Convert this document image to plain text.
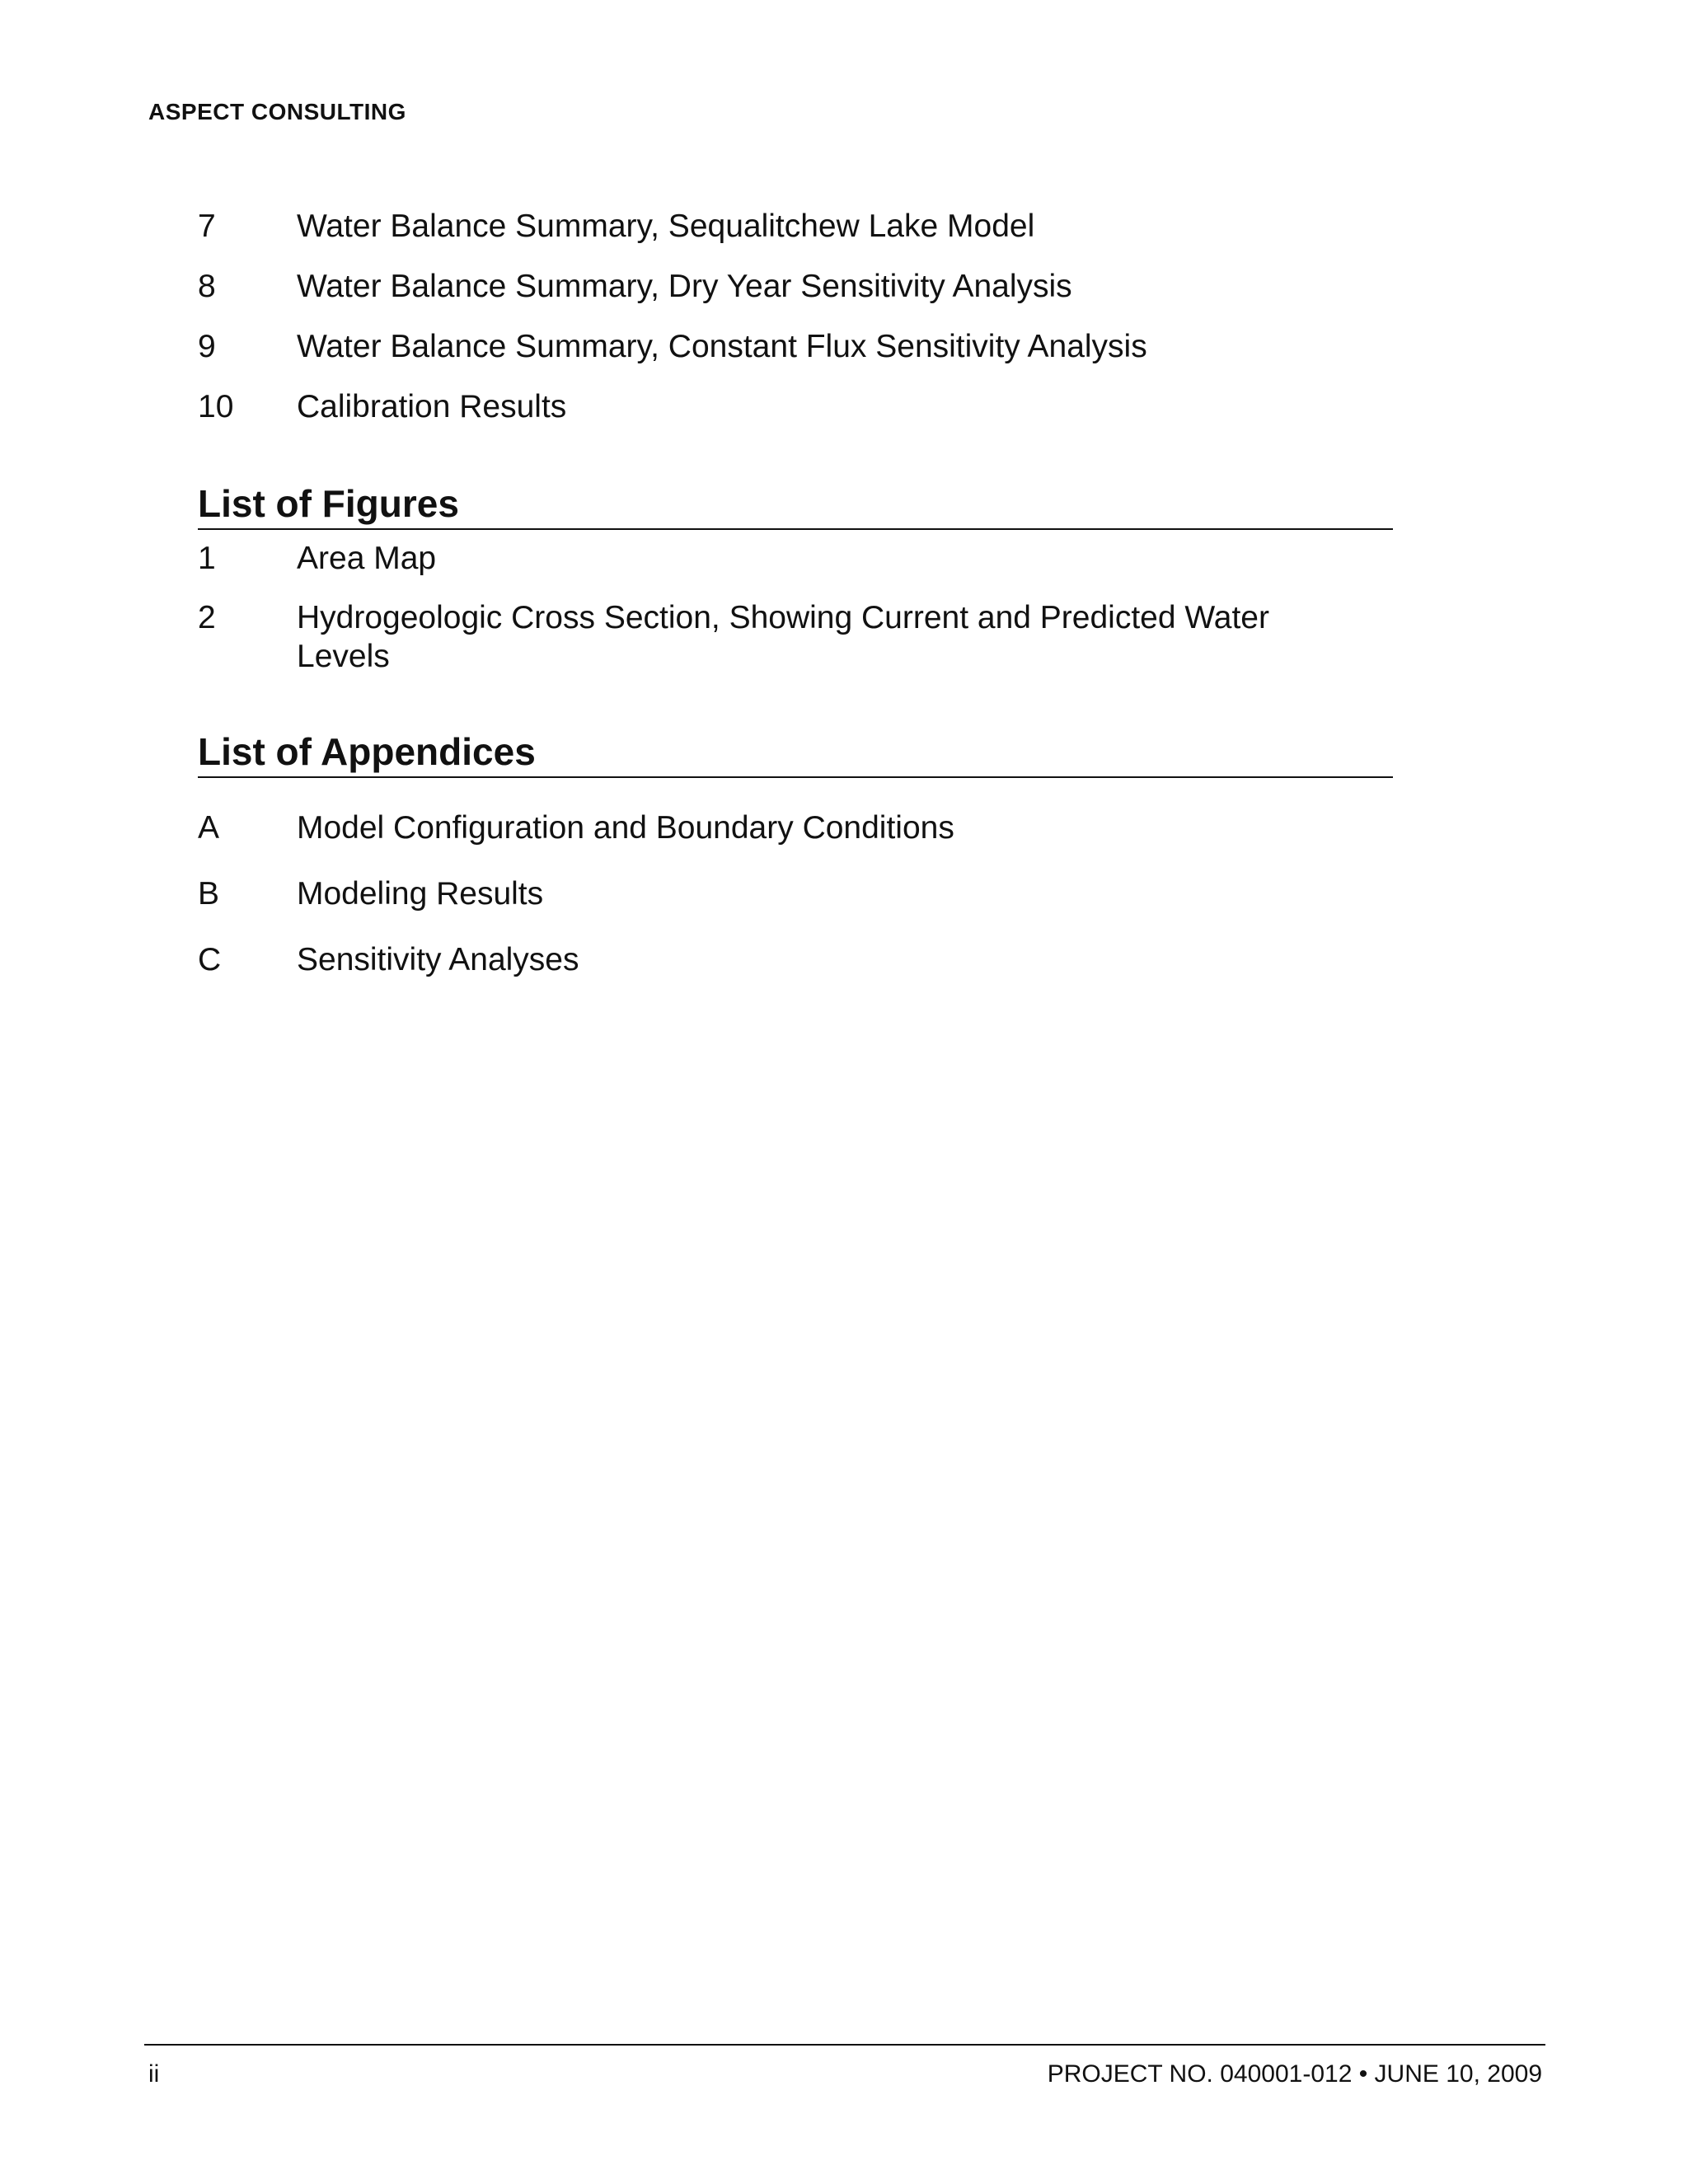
ASPECT CONSULTING
7	Water Balance Summary, Sequalitchew Lake Model
8	Water Balance Summary, Dry Year Sensitivity Analysis
9	Water Balance Summary, Constant Flux Sensitivity Analysis
10	Calibration Results
List of Figures
1	Area Map
2	Hydrogeologic Cross Section, Showing Current and Predicted Water Levels
List of Appendices
A	Model Configuration and Boundary Conditions
B	Modeling Results
C	Sensitivity Analyses
ii	PROJECT NO. 040001-012 • JUNE 10, 2009
